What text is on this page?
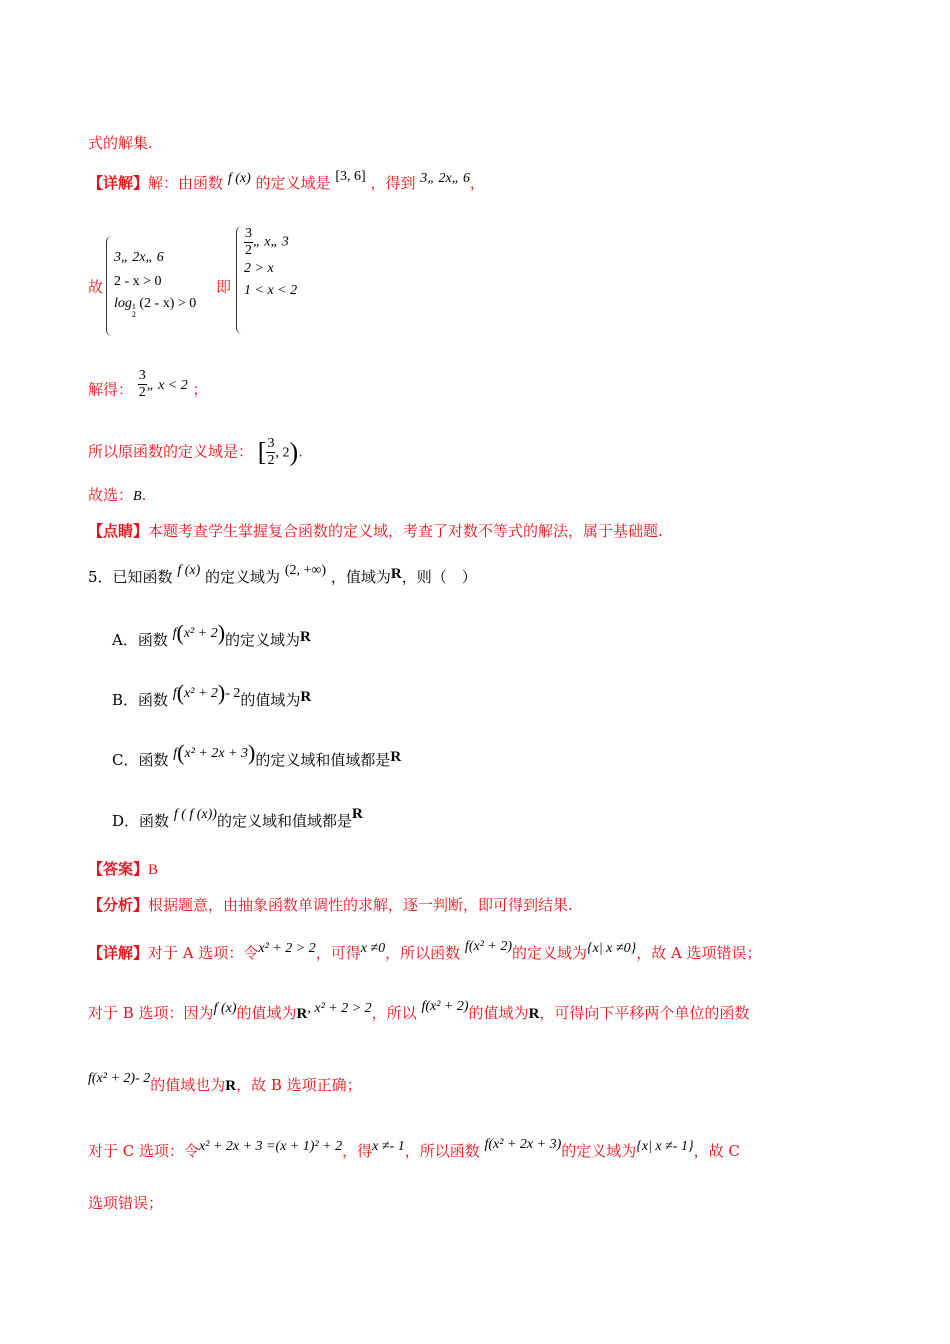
式的解集.
【详解】解：由函数 f (x) 的定义域是 [3, 6] ，得到 3„ 2x„ 6，
故
3„ 2x„ 6
2 - x > 0
log1
2 (2 - x) > 0
即
$\frac{3}{2}$ „ x„ 3
2 > x
1 < x < 2
解得： $\frac{3}{2}$ „ x < 2 ；
所以原函数的定义域是： [ $\frac{3}{2}$ , 2).
故选：B.
【点睛】本题考查学生掌握复合函数的定义域，考查了对数不等式的解法，属于基础题.
5．已知函数 f (x) 的定义域为 (2, +∞) ，值域为R，则（　）
A．函数 f(x² + 2)的定义域为R
B．函数 f(x² + 2)- 2的值域为R
C．函数 f(x² + 2x + 3)的定义域和值域都是R
D．函数 f ( f (x))的定义域和值域都是R
【答案】B
【分析】根据题意，由抽象函数单调性的求解，逐一判断，即可得到结果.
【详解】对于 A 选项：令x² + 2 > 2，可得x ≠0，所以函数 f(x² + 2)的定义域为{x| x ≠0}，故 A 选项错误；
对于 B 选项：因为f (x)的值域为R, x² + 2 > 2，所以 f(x² + 2)的值域为R，可得向下平移两个单位的函数
f(x² + 2)- 2的值域也为R，故 B 选项正确；
对于 C 选项：令x² + 2x + 3 =(x + 1)² + 2，得x ≠- 1，所以函数 f(x² + 2x + 3)的定义域为{x| x ≠- 1}，故 C
选项错误；
